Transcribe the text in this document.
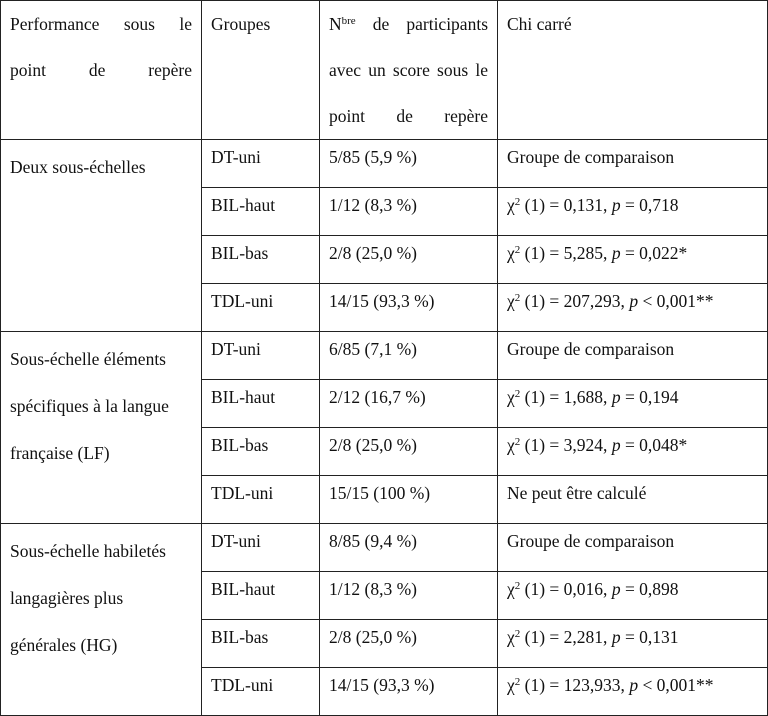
Performance sous le point de repère	Groupes	$N^{bre}$ de participants avec un score sous le point de repère	Chi carré
Deux sous-échelles	DT-uni	5/85 (5,9 %)	Groupe de comparaison
	BIL-haut	1/12 (8,3 %)	$\chi^2$ (1) = 0,131, p = 0,718
	BIL-bas	2/8 (25,0 %)	$\chi^2$ (1) = 5,285, p = 0,022*
	TDL-uni	14/15 (93,3 %)	$\chi^2$ (1) = 207,293, p < 0,001**
Sous-échelle éléments spécifiques à la langue française (LF)	DT-uni	6/85 (7,1 %)	Groupe de comparaison
	BIL-haut	2/12 (16,7 %)	$\chi^2$ (1) = 1,688, p = 0,194
	BIL-bas	2/8 (25,0 %)	$\chi^2$ (1) = 3,924, p = 0,048*
	TDL-uni	15/15 (100 %)	Ne peut être calculé
Sous-échelle habiletés langagières plus générales (HG)	DT-uni	8/85 (9,4 %)	Groupe de comparaison
	BIL-haut	1/12 (8,3 %)	$\chi^2$ (1) = 0,016, p = 0,898
	BIL-bas	2/8 (25,0 %)	$\chi^2$ (1) = 2,281, p = 0,131
	TDL-uni	14/15 (93,3 %)	$\chi^2$ (1) = 123,933, p < 0,001**
